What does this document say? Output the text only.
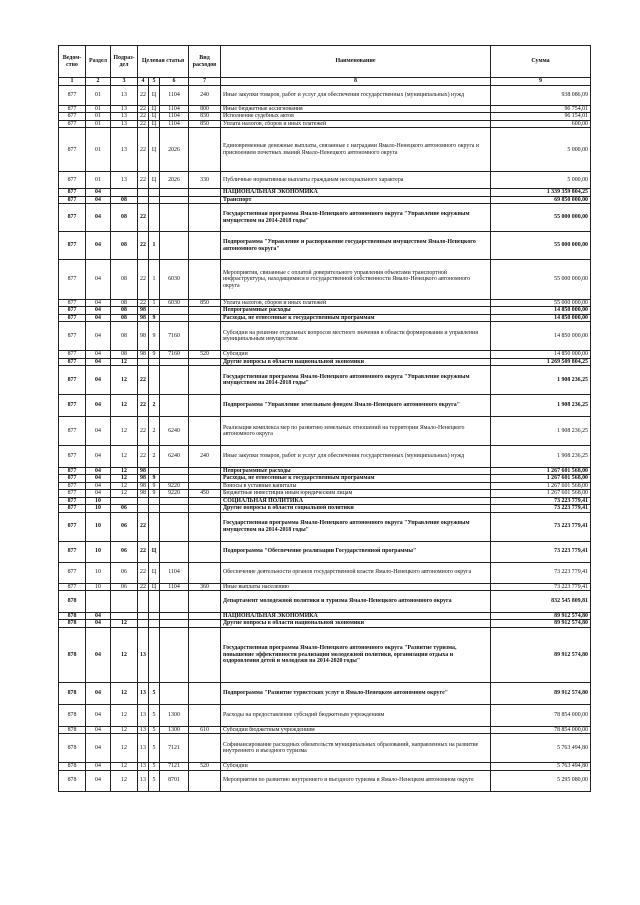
Ведом-ство	Раздел	Подраз-дел	Целевая статья			Вид расходов	Наименование	Сумма
1	2	3	4	5	6	7	8	9
877	01	13	22	Ц	1104	240	Иные закупки товаров, работ и услуг для обеспечения государственных (муниципальных) нужд	938 086,09
877	01	13	22	Ц	1104	800	Иные бюджетные ассигнования	96 754,01
877	01	13	22	Ц	1104	830	Исполнение судебных актов	96 154,01
877	01	13	22	Ц	1104	850	Уплата налогов, сборов и иных платежей	600,00
877	01	13	22	Ц	2026		Единовременные денежные выплаты, связанные с наградами Ямало-Ненецкого автономного округа и присвоением почетных званий Ямало-Ненецкого автономного округа	5 000,00
877	01	13	22	Ц	2026	330	Публичные нормативные выплаты гражданам несоциального характера	5 000,00
877	04						НАЦИОНАЛЬНАЯ ЭКОНОМИКА	1 339 359 804,25
877	04	08					Транспорт	69 850 000,00
877	04	08	22				Государственная программа Ямало-Ненецкого автономного округа "Управление окружным имуществом на 2014-2018 годы"	55 000 000,00
877	04	08	22	1			Подпрограмма "Управление и распоряжение государственным имуществом Ямало-Ненецкого автономного округа"	55 000 000,00
877	04	08	22	1	6030		Мероприятия, связанные с оплатой доверительного управления объектами транспортной инфраструктуры, находящимися в государственной собственности Ямало-Ненецкого автономного округа	55 000 000,00
877	04	08	22	1	6030	850	Уплата налогов, сборов и иных платежей	55 000 000,00
877	04	08	98				Непрограммные расходы	14 850 000,00
877	04	08	98	9			Расходы, не отнесенные к государственным программам	14 850 000,00
877	04	08	98	9	7160		Субсидии на решение отдельных вопросов местного значения в области формирования и управления муниципальным имуществом	14 850 000,00
877	04	08	98	9	7160	520	Субсидии	14 850 000,00
877	04	12					Другие вопросы в области национальной экономики	1 269 509 804,25
877	04	12	22				Государственная программа Ямало-Ненецкого автономного округа "Управление окружным имуществом на 2014-2018 годы"	1 908 236,25
877	04	12	22	2			Подпрограмма "Управление земельным фондом Ямало-Ненецкого автономного округа"	1 908 236,25
877	04	12	22	2	6240		Реализация комплекса мер по развитию земельных отношений на территории Ямало-Ненецкого автономного округа	1 908 236,25
877	04	12	22	2	6240	240	Иные закупки товаров, работ и услуг для обеспечения государственных (муниципальных) нужд	1 908 236,25
877	04	12	98				Непрограммные расходы	1 267 601 568,00
877	04	12	98	9			Расходы, не отнесенные к государственным программам	1 267 601 568,00
877	04	12	98	9	9220		Взносы в уставные капиталы	1 267 601 568,00
877	04	12	98	9	9220	450	Бюджетные инвестиции иным юридическим лицам	1 267 601 568,00
877	10						СОЦИАЛЬНАЯ ПОЛИТИКА	73 223 779,41
877	10	06					Другие вопросы в области социальной политики	73 223 779,41
877	10	06	22				Государственная программа Ямало-Ненецкого автономного округа "Управление окружным имуществом на 2014-2018 годы"	73 223 779,41
877	10	06	22	Ц			Подпрограмма "Обеспечение реализации Государственной программы"	73 223 779,41
877	10	06	22	Ц	1104		Обеспечение деятельности органов государственной власти Ямало-Ненецкого автономного округа	73 223 779,41
877	10	06	22	Ц	1104	360	Иные выплаты населению	73 223 779,41
878							Департамент молодежной политики и туризма Ямало-Ненецкого автономного округа	832 545 809,81
878	04						НАЦИОНАЛЬНАЯ ЭКОНОМИКА	89 912 574,80
878	04	12					Другие вопросы в области национальной экономики	89 912 574,80
878	04	12	13				Государственная программа Ямало-Ненецкого автономного округа "Развитие туризма, повышение эффективности реализации молодежной политики, организация отдыха и оздоровления детей и молодежи на 2014-2020 годы"	89 912 574,80
878	04	12	13	5			Подпрограмма "Развитие туристских услуг в Ямало-Ненецком автономном округе"	89 912 574,80
878	04	12	13	5	1300		Расходы на предоставление субсидий бюджетным учреждениям	78 854 000,00
878	04	12	13	5	1300	610	Субсидии бюджетным учреждениям	78 854 000,00
878	04	12	13	5	7121		Софинансирование расходных обязательств муниципальных образований, направленных на развитие внутреннего и въездного туризма	5 763 494,80
878	04	12	13	5	7121	520	Субсидии	5 763 494,80
878	04	12	13	5	8701		Мероприятия по развитию внутреннего и въездного туризма в Ямало-Ненецком автономном округе	5 295 080,00
